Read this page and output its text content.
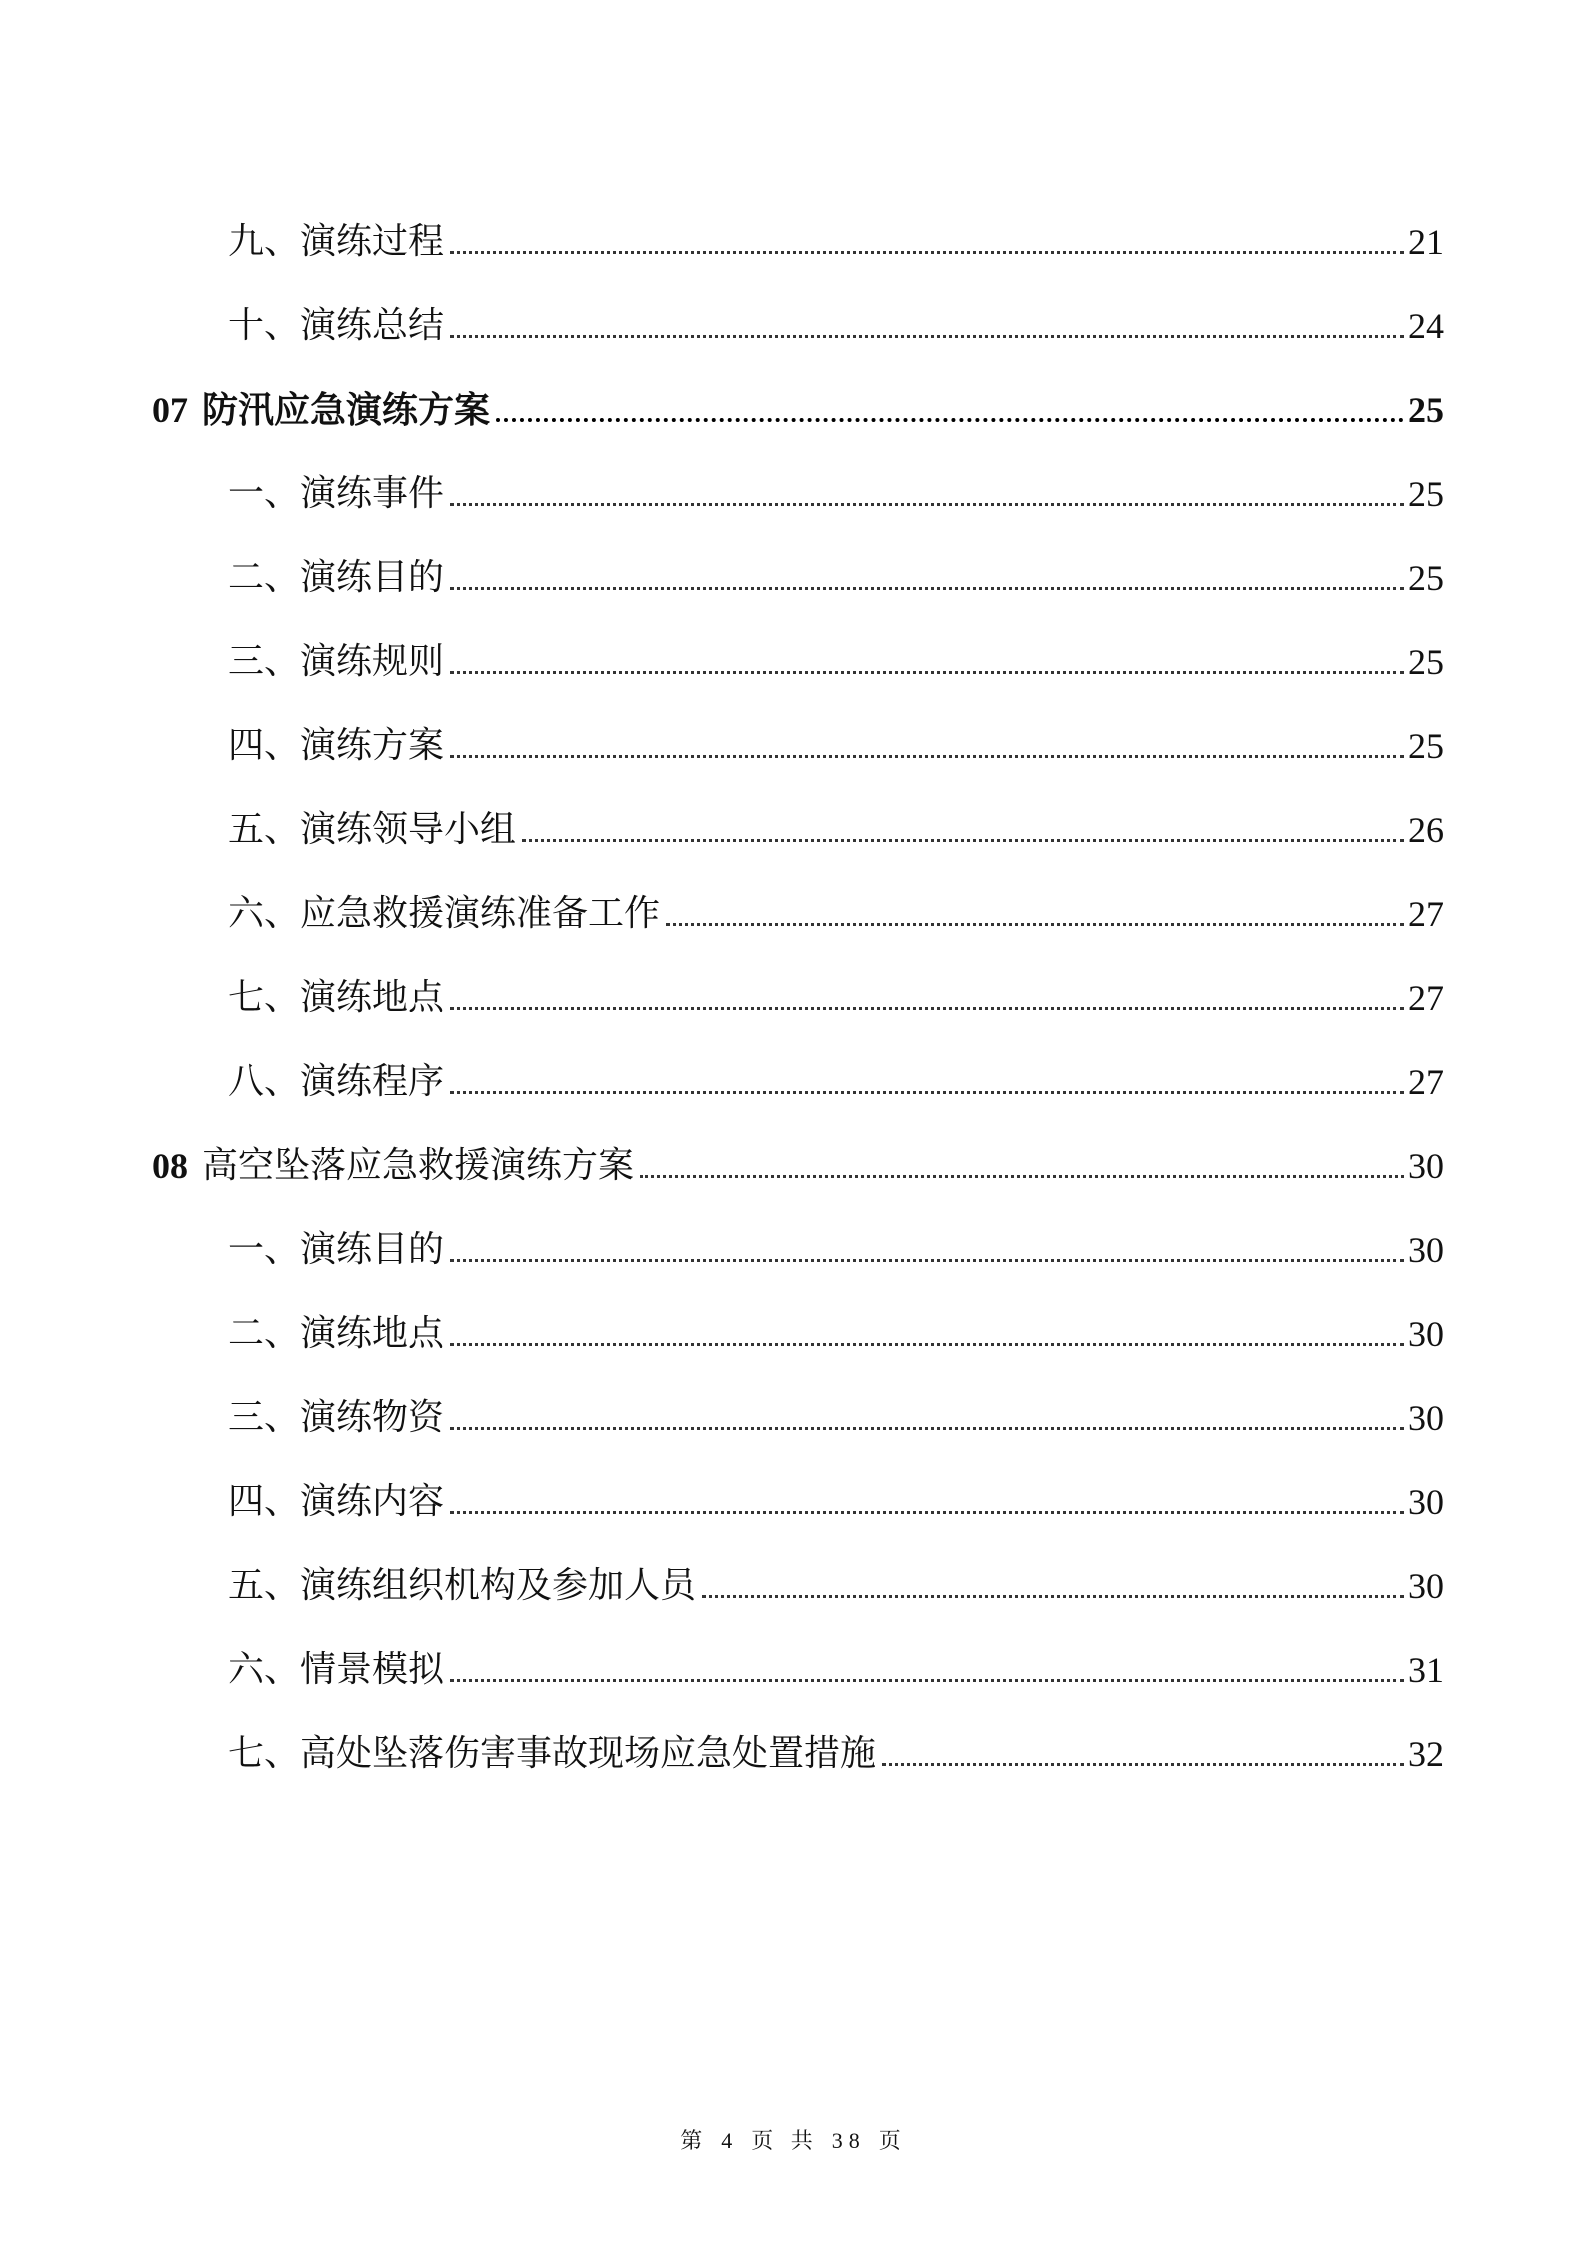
九、演练过程	21
十、演练总结	24
07 防汛应急演练方案	25
一、演练事件	25
二、演练目的	25
三、演练规则	25
四、演练方案	25
五、演练领导小组	26
六、应急救援演练准备工作	27
七、演练地点	27
八、演练程序	27
08 高空坠落应急救援演练方案	30
一、演练目的	30
二、演练地点	30
三、演练物资	30
四、演练内容	30
五、演练组织机构及参加人员	30
六、情景模拟	31
七、高处坠落伤害事故现场应急处置措施	32
第 4 页 共 38 页
